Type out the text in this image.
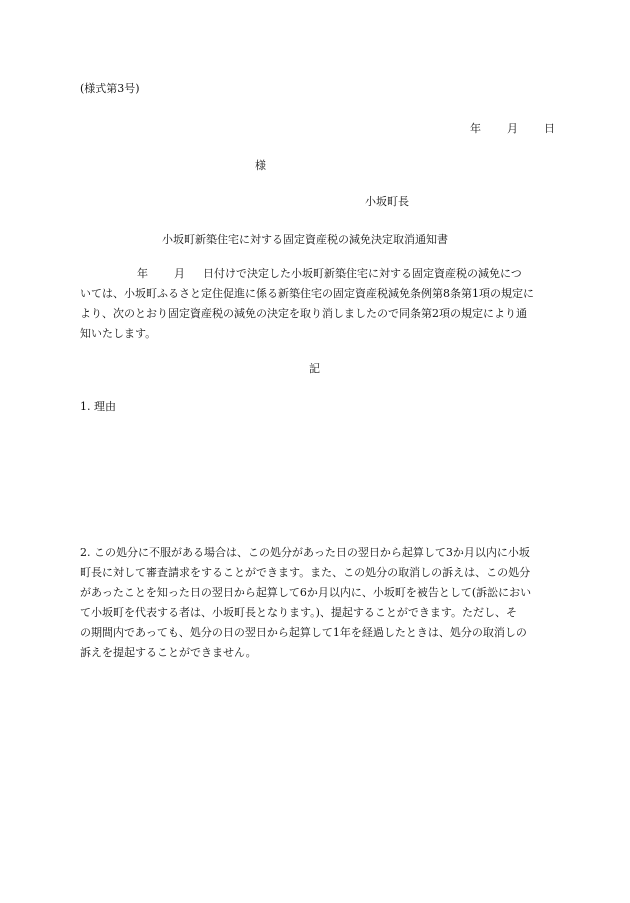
(様式第3号)
年 月 日
様
小坂町長
小坂町新築住宅に対する固定資産税の減免決定取消通知書
年 月 日付けで決定した小坂町新築住宅に対する固定資産税の減免につ
いては、小坂町ふるさと定住促進に係る新築住宅の固定資産税減免条例第8条第1項の規定に
より、次のとおり固定資産税の減免の決定を取り消しましたので同条第2項の規定により通
知いたします。
記
1. 理由
2. この処分に不服がある場合は、この処分があった日の翌日から起算して3か月以内に小坂
町長に対して審査請求をすることができます。また、この処分の取消しの訴えは、この処分
があったことを知った日の翌日から起算して6か月以内に、小坂町を被告として(訴訟におい
て小坂町を代表する者は、小坂町長となります。)、提起することができます。ただし、そ
の期間内であっても、処分の日の翌日から起算して1年を経過したときは、処分の取消しの
訴えを提起することができません。
